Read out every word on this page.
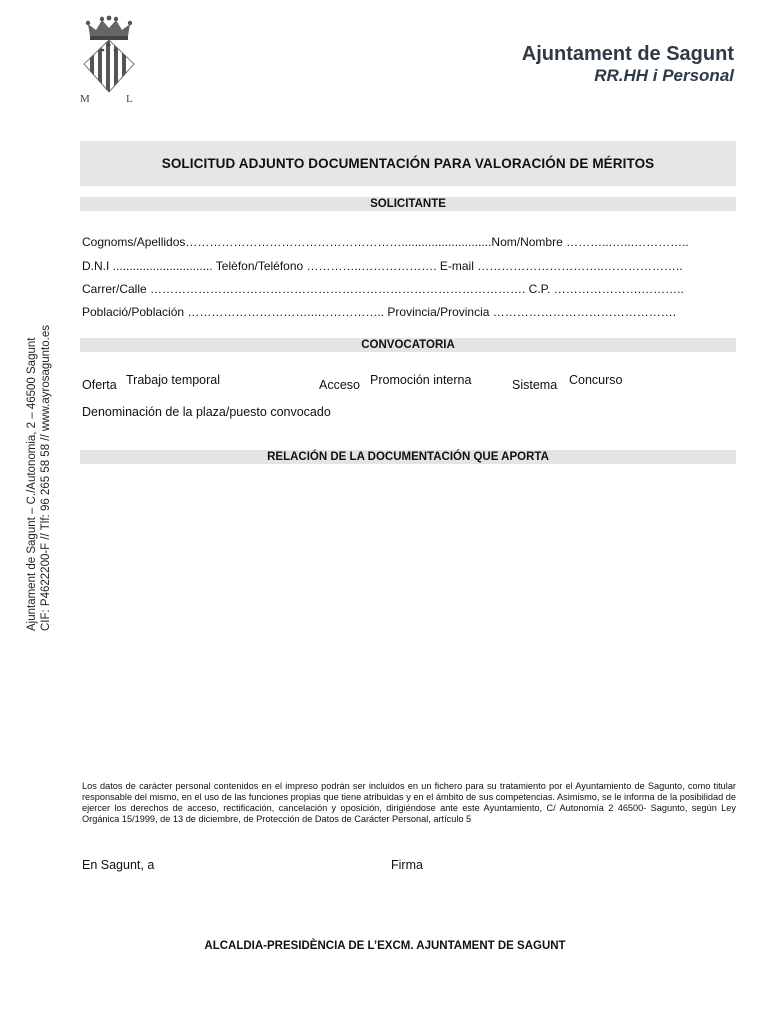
M	L
Ajuntament de Sagunt
RR.HH i Personal
Ajuntament de Sagunt – C./Autonomia, 2 – 46500 Sagunt CIF: P4622200-F // Tlf: 96 265 58 58 // www.ayrosagunto.es
SOLICITUD ADJUNTO DOCUMENTACIÓN PARA VALORACIÓN DE MÉRITOS
SOLICITANTE
Cognoms/Apellidos………………………………………………...........................Nom/Nombre ………...…...…………..
D.N.I .............................. Telèfon/Teléfono …………..………………. E-mail …………………………..………………..
Carrer/Calle …………………………………………………………………………………. C.P. ………………….………..
Població/Población …………………………...…………….. Provincia/Provincia ……………………………………….
CONVOCATORIA
Oferta Trabajo temporal	Acceso Promoción interna	Sistema Concurso
Denominación de la plaza/puesto convocado
RELACIÓN DE LA DOCUMENTACIÓN QUE APORTA
Los datos de carácter personal contenidos en el impreso podrán ser incluidos en un fichero para su tratamiento por el Ayuntamiento de Sagunto, como titular responsable del mismo, en el uso de las funciones propias que tiene atribuidas y en el ámbito de sus competencias. Asimismo, se le informa de la posibilidad de ejercer los derechos de acceso, rectificación, cancelación y oposición, dirigiéndose ante este Ayuntamiento, C/ Autonomía 2 46500- Sagunto, según Ley Orgánica 15/1999, de 13 de diciembre, de Protección de Datos de Carácter Personal, artículo 5
En Sagunt, a	Firma
ALCALDIA-PRESIDÈNCIA DE L’EXCM. AJUNTAMENT DE SAGUNT
